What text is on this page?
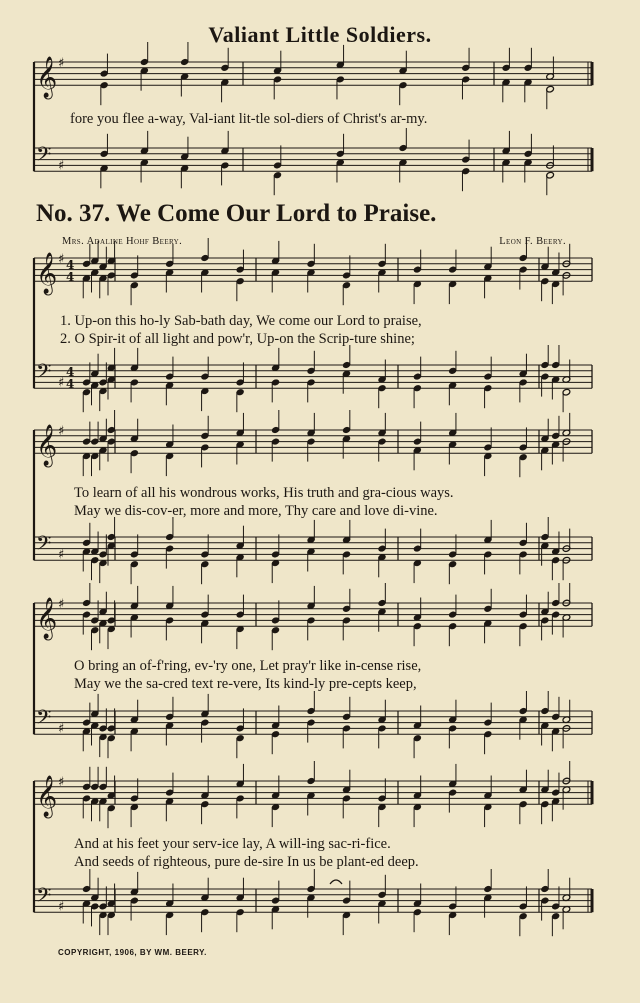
Valiant Little Soldiers.
fore you flee a-way, Val-iant lit-tle sol-diers of Christ's ar-my.
No. 37. We Come Our Lord to Praise.
Mrs. Adaline Hohf Beery.	Leon F. Beery.
1. Up-on this ho-ly Sab-bath day, We come our Lord to praise,
2. O Spir-it of all light and pow'r, Up-on the Scrip-ture shine;
To learn of all his wondrous works, His truth and gra-cious ways.
May we dis-cov-er, more and more, Thy care and love di-vine.
O bring an of-f'ring, ev-'ry one, Let pray'r like in-cense rise,
May we the sa-cred text re-vere, Its kind-ly pre-cepts keep,
And at his feet your serv-ice lay, A will-ing sac-ri-fice.
And seeds of righteous, pure de-sire In us be plant-ed deep.
COPYRIGHT, 1906, BY WM. BEERY.
𝄞 ♯
𝄢 ♯
𝄞 ♯ 4
4
𝄢 ♯
4
4
𝄞 ♯
𝄢 ♯
𝄞 ♯
𝄢 ♯
𝄞 ♯
𝄢 ♯
